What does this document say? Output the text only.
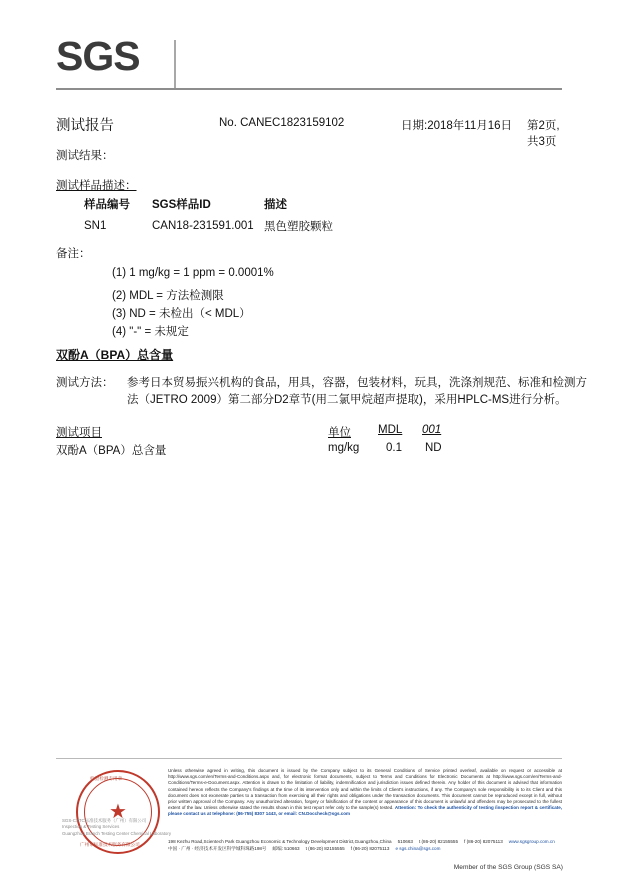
SGS
测试报告	No. CANEC1823159102	日期:2018年11月16日 第2页,共3页
测试结果：
测试样品描述：
样品编号	SGS样品ID	描述
SN1	CAN18-231591.001	黑色塑胶颗粒
备注：
(1) 1 mg/kg = 1 ppm = 0.0001%
(2) MDL = 方法检测限
(3) ND = 未检出（< MDL）
(4) "-" = 未规定
双酚A（BPA）总含量
测试方法： 参考日本贸易振兴机构的食品，用具，容器，包装材料，玩具，洗涤剂规范、标准和检测方
法（JETRO 2009）第二部分D2章节(用二氯甲烷超声提取)，采用HPLC-MS进行分析。
测试项目	单位 MDL 001
双酚A（BPA）总含量	mg/kg 0.1 ND
★
检验检测专用章
广州市标准技术服务有限公司
SGS-CSTC标准技术服务（广州）有限公司
Inspection & Testing Services
Guangzhou Branch Testing Center Chemical Laboratory
Unless otherwise agreed in writing, this document is issued by the Company subject to its General Conditions of Service printed overleaf, available on request or accessible at http://www.sgs.com/en/Terms-and-Conditions.aspx and, for electronic format documents, subject to Terms and Conditions for Electronic Documents at http://www.sgs.com/en/Terms-and-Conditions/Terms-e-Document.aspx. Attention is drawn to the limitation of liability, indemnification and jurisdiction issues defined therein. Any holder of this document is advised that information contained hereon reflects the Company's findings at the time of its intervention only and within the limits of Client's instructions, if any. The Company's sole responsibility is to its Client and this document does not exonerate parties to a transaction from exercising all their rights and obligations under the transaction documents. This document cannot be reproduced except in full, without prior written approval of the Company. Any unauthorized alteration, forgery or falsification of the content or appearance of this document is unlawful and offenders may be prosecuted to the fullest extent of the law. Unless otherwise stated the results shown in this test report refer only to the sample(s) tested. Attention: To check the authenticity of testing /inspection report & certificate, please contact us at telephone: (86-755) 8307 1443, or email: CN.Doccheck@sgs.com
198 Kezhu Road,Scientech Park Guangzhou Economic & Technology Development District,Guangzhou,China 510663 t (86-20) 82155555 f (86-20) 82075113 www.sgsgroup.com.cn
中国 · 广州 · 经济技术开发区科学城科珠路198号 邮编: 510663 t (86-20) 82155555 f (86-20) 82075113 e sgs.china@sgs.com
Member of the SGS Group (SGS SA)
